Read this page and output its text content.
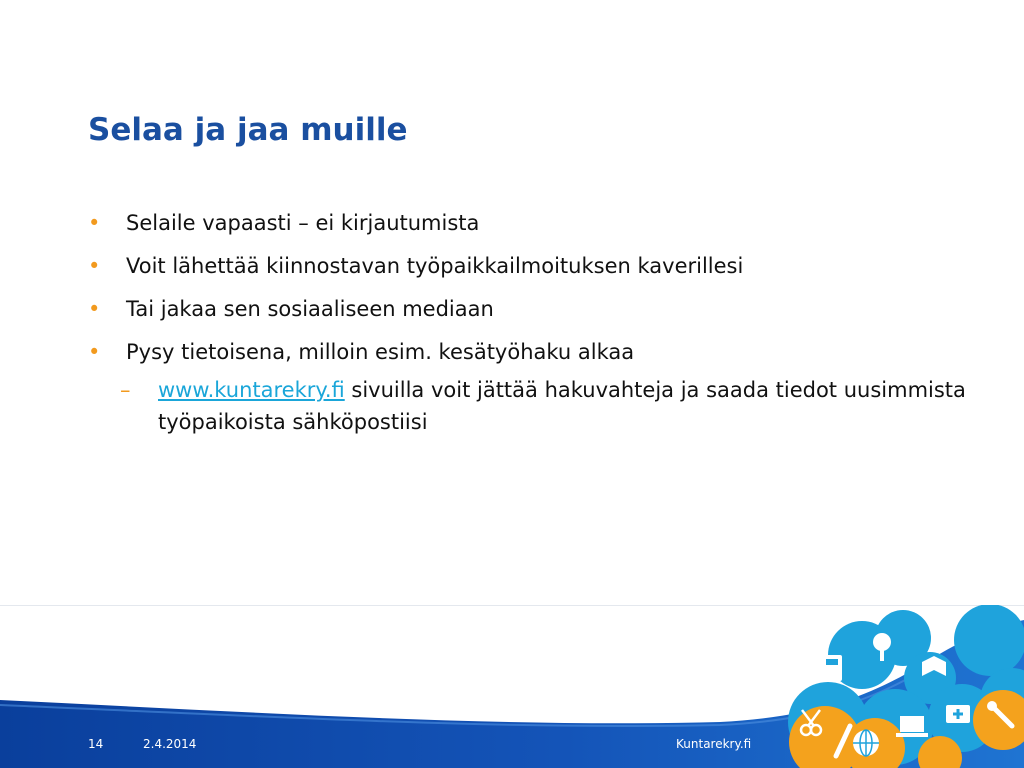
Selaa ja jaa muille
• Selaile vapaasti – ei kirjautumista
• Voit lähettää kiinnostavan työpaikkailmoituksen kaverillesi
• Tai jakaa sen sosiaaliseen mediaan
• Pysy tietoisena, milloin esim. kesätyöhaku alkaa
– www.kuntarekry.fi sivuilla voit jättää hakuvahteja ja saada tiedot uusimmista työpaikoista sähköpostiisi
14	2.4.2014	Kuntarekry.fi
